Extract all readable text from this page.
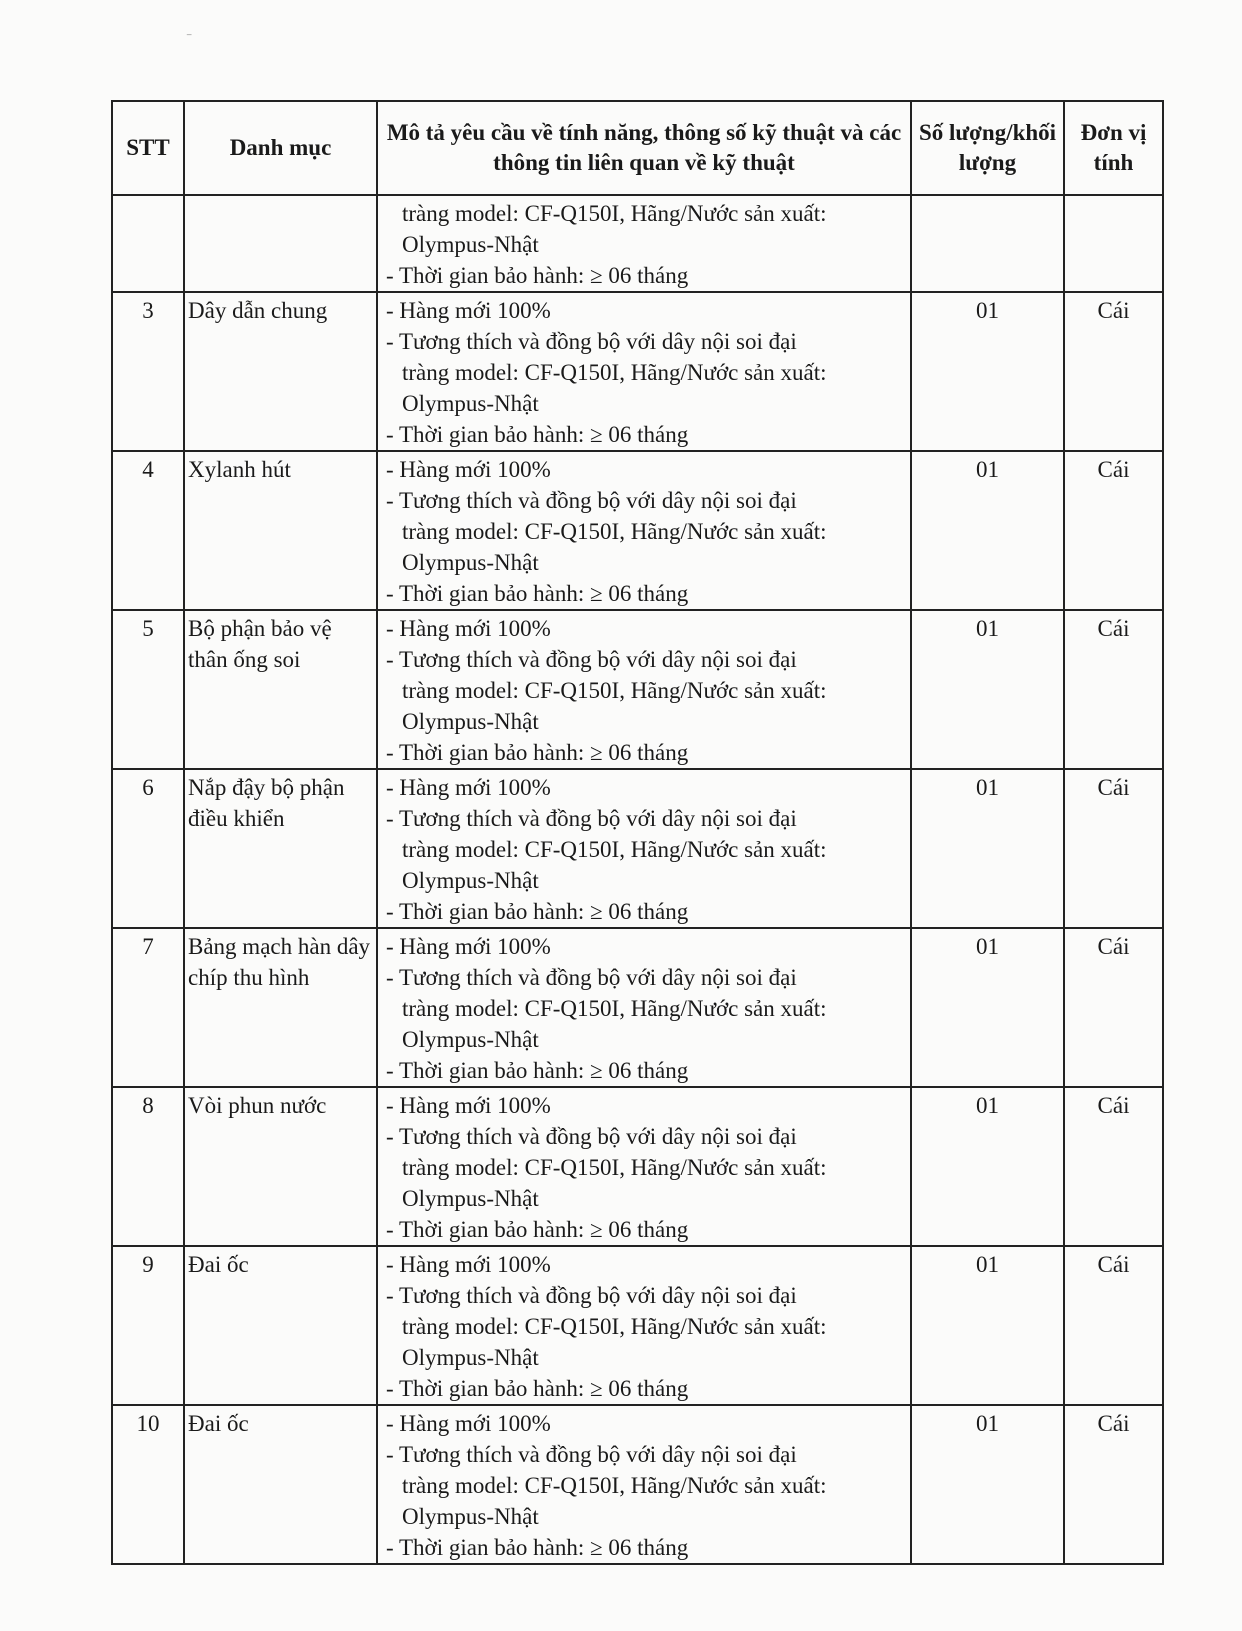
⁻
STT	Danh mục	Mô tả yêu cầu về tính năng, thông số kỹ thuật và các thông tin liên quan về kỹ thuật	Số lượng/khối lượng	Đơn vị tính

		tràng model: CF-Q150I, Hãng/Nước sản xuất:
Olympus-Nhật
- Thời gian bảo hành: ≥ 06 tháng		

3	Dây dẫn chung	- Hàng mới 100%
- Tương thích và đồng bộ với dây nội soi đại
tràng model: CF-Q150I, Hãng/Nước sản xuất:
Olympus-Nhật
- Thời gian bảo hành: ≥ 06 tháng	01	Cái
4	Xylanh hút	- Hàng mới 100%
- Tương thích và đồng bộ với dây nội soi đại
tràng model: CF-Q150I, Hãng/Nước sản xuất:
Olympus-Nhật
- Thời gian bảo hành: ≥ 06 tháng	01	Cái
5	Bộ phận bảo vệ thân ống soi	- Hàng mới 100%
- Tương thích và đồng bộ với dây nội soi đại
tràng model: CF-Q150I, Hãng/Nước sản xuất:
Olympus-Nhật
- Thời gian bảo hành: ≥ 06 tháng	01	Cái
6	Nắp đậy bộ phận điều khiển	- Hàng mới 100%
- Tương thích và đồng bộ với dây nội soi đại
tràng model: CF-Q150I, Hãng/Nước sản xuất:
Olympus-Nhật
- Thời gian bảo hành: ≥ 06 tháng	01	Cái
7	Bảng mạch hàn dây chíp thu hình	- Hàng mới 100%
- Tương thích và đồng bộ với dây nội soi đại
tràng model: CF-Q150I, Hãng/Nước sản xuất:
Olympus-Nhật
- Thời gian bảo hành: ≥ 06 tháng	01	Cái
8	Vòi phun nước	- Hàng mới 100%
- Tương thích và đồng bộ với dây nội soi đại
tràng model: CF-Q150I, Hãng/Nước sản xuất:
Olympus-Nhật
- Thời gian bảo hành: ≥ 06 tháng	01	Cái
9	Đai ốc	- Hàng mới 100%
- Tương thích và đồng bộ với dây nội soi đại
tràng model: CF-Q150I, Hãng/Nước sản xuất:
Olympus-Nhật
- Thời gian bảo hành: ≥ 06 tháng	01	Cái
10	Đai ốc	- Hàng mới 100%
- Tương thích và đồng bộ với dây nội soi đại
tràng model: CF-Q150I, Hãng/Nước sản xuất:
Olympus-Nhật
- Thời gian bảo hành: ≥ 06 tháng	01	Cái
